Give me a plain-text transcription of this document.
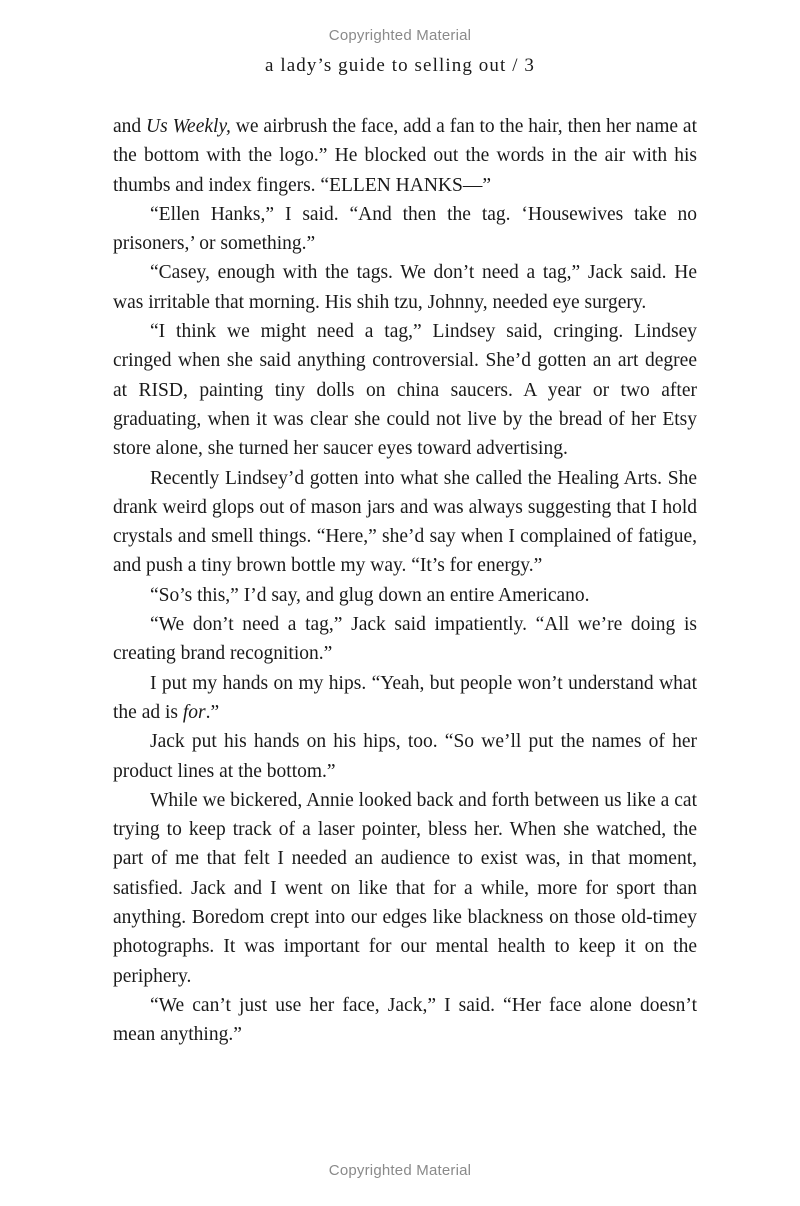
Copyrighted Material
a lady’s guide to selling out / 3

and Us Weekly, we airbrush the face, add a fan to the hair, then her name at the bottom with the logo.” He blocked out the words in the air with his thumbs and index fingers. “ELLEN HANKS—”

“Ellen Hanks,” I said. “And then the tag. ‘Housewives take no prisoners,’ or something.”

“Casey, enough with the tags. We don’t need a tag,” Jack said. He was irritable that morning. His shih tzu, Johnny, needed eye surgery.

“I think we might need a tag,” Lindsey said, cringing. Lindsey cringed when she said anything controversial. She’d gotten an art degree at RISD, painting tiny dolls on china saucers. A year or two after graduating, when it was clear she could not live by the bread of her Etsy store alone, she turned her saucer eyes toward advertising.

Recently Lindsey’d gotten into what she called the Healing Arts. She drank weird glops out of mason jars and was always suggesting that I hold crystals and smell things. “Here,” she’d say when I complained of fatigue, and push a tiny brown bottle my way. “It’s for energy.”

“So’s this,” I’d say, and glug down an entire Americano.

“We don’t need a tag,” Jack said impatiently. “All we’re doing is creating brand recognition.”

I put my hands on my hips. “Yeah, but people won’t understand what the ad is for.”

Jack put his hands on his hips, too. “So we’ll put the names of her product lines at the bottom.”

While we bickered, Annie looked back and forth between us like a cat trying to keep track of a laser pointer, bless her. When she watched, the part of me that felt I needed an audience to exist was, in that moment, satisfied. Jack and I went on like that for a while, more for sport than anything. Boredom crept into our edges like blackness on those old-timey photographs. It was important for our mental health to keep it on the periphery.

“We can’t just use her face, Jack,” I said. “Her face alone doesn’t mean anything.”

Copyrighted Material
